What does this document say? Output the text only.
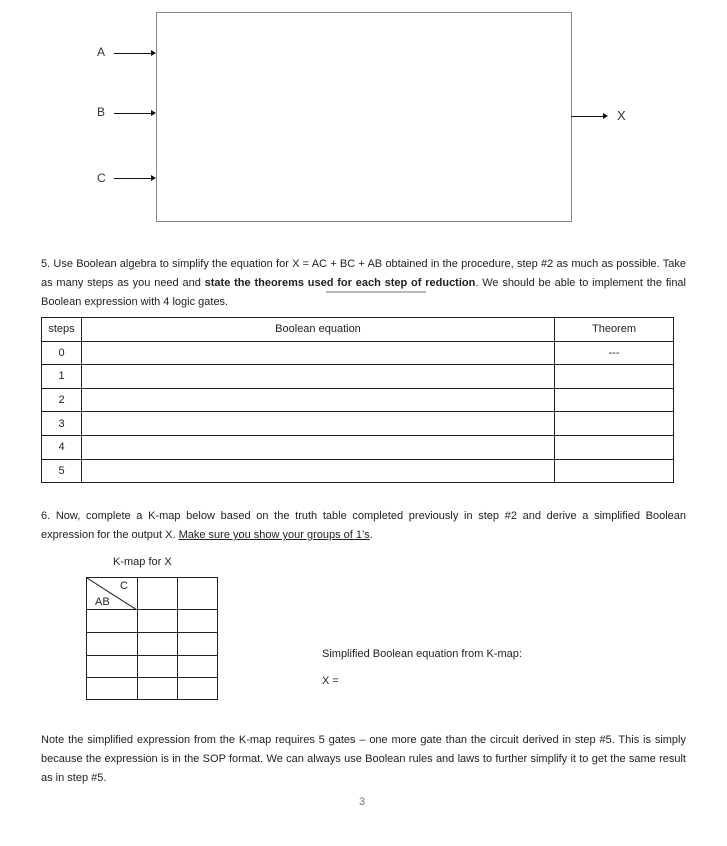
A
B
C
X
5. Use Boolean algebra to simplify the equation for X = AC + BC + AB obtained in the procedure, step #2 as much as possible. Take as many steps as you need and state the theorems used for each step of reduction. We should be able to implement the final Boolean expression with 4 logic gates.
steps	Boolean equation	Theorem
0		---
1		
2		
3		
4		
5		
6. Now, complete a K-map below based on the truth table completed previously in step #2 and derive a simplified Boolean expression for the output X. Make sure you show your groups of 1’s.
K-map for X
C
AB		

Simplified Boolean equation from K-map:
X =
Note the simplified expression from the K-map requires 5 gates – one more gate than the circuit derived in step #5. This is simply because the expression is in the SOP format. We can always use Boolean rules and laws to further simplify it to get the same result as in step #5.
3
